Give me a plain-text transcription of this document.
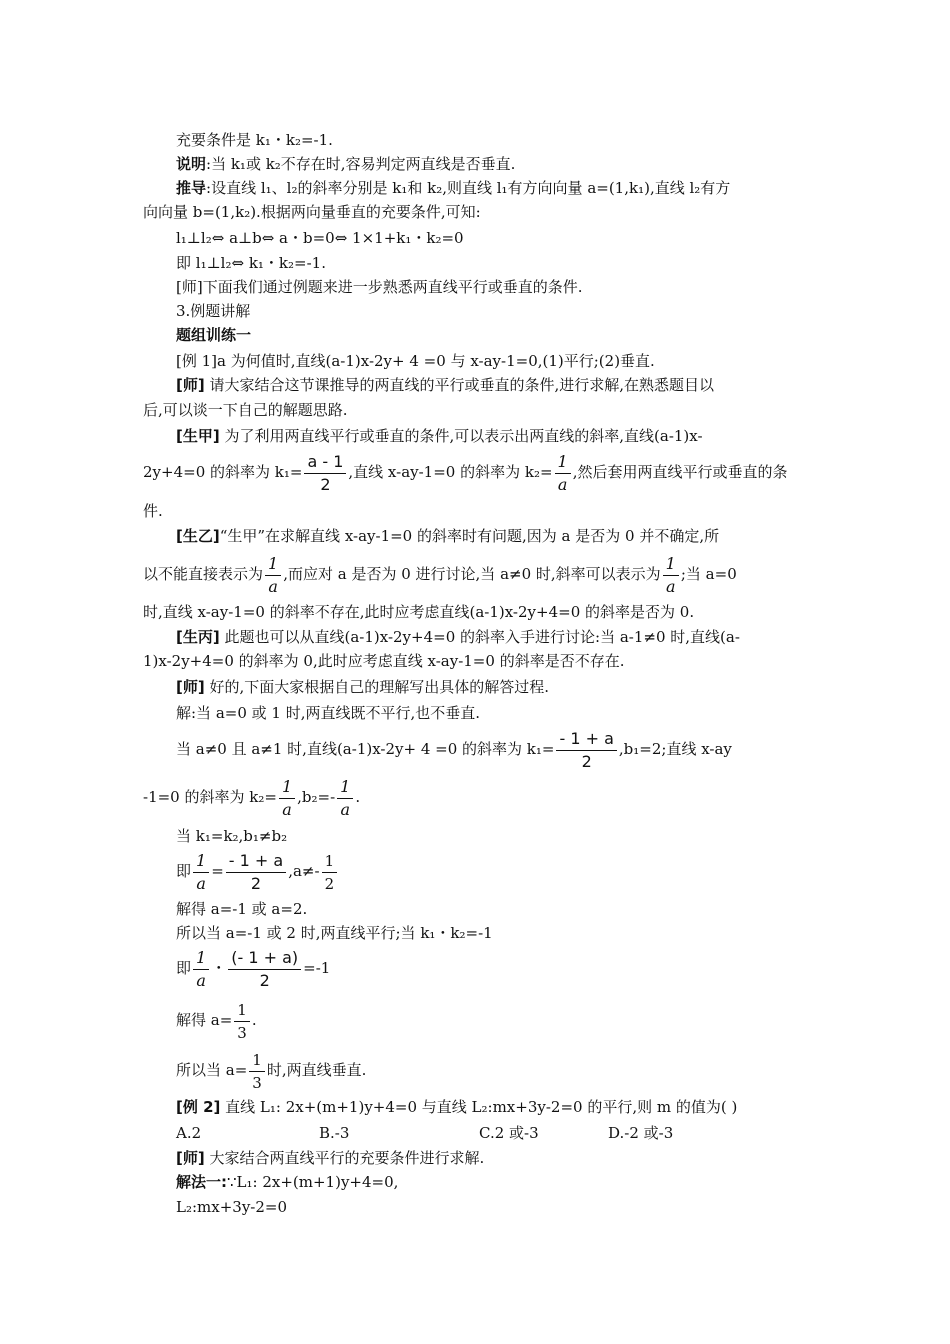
充要条件是 k₁・k₂=-1.
说明:当 k₁或 k₂不存在时,容易判定两直线是否垂直.
推导:设直线 l₁、l₂的斜率分别是 k₁和 k₂,则直线 l₁有方向向量 a=(1,k₁),直线 l₂有方
向向量 b=(1,k₂).根据两向量垂直的充要条件,可知:
l₁⊥l₂⇔ a⊥b⇔ a・b=0⇔ 1×1+k₁・k₂=0
即 l₁⊥l₂⇔ k₁・k₂=-1.
[师]下面我们通过例题来进一步熟悉两直线平行或垂直的条件.
3.例题讲解
题组训练一
[例 1]a 为何值时,直线(a-1)x-2y+ 4 =0 与 x-ay-1=0,(1)平行;(2)垂直.
[师] 请大家结合这节课推导的两直线的平行或垂直的条件,进行求解,在熟悉题目以
后,可以谈一下自己的解题思路.
[生甲] 为了利用两直线平行或垂直的条件,可以表示出两直线的斜率,直线(a-1)x-
2y+4=0 的斜率为 $k_1= \frac{a - 1}{2}$ ,直线 x-ay-1=0 的斜率为 $k_2= \frac{1}{a}$ ,然后套用两直线平行或垂直的条
件.
[生乙]“生甲”在求解直线 x-ay-1=0 的斜率时有问题,因为 a 是否为 0 并不确定,所
以不能直接表示为 $\frac{1}{a}$ ,而应对 a 是否为 0 进行讨论,当 a≠0 时,斜率可以表示为 $\frac{1}{a}$ ;当 a=0
时,直线 x-ay-1=0 的斜率不存在,此时应考虑直线(a-1)x-2y+4=0 的斜率是否为 0.
[生丙] 此题也可以从直线(a-1)x-2y+4=0 的斜率入手进行讨论:当 a-1≠0 时,直线(a-
1)x-2y+4=0 的斜率为 0,此时应考虑直线 x-ay-1=0 的斜率是否不存在.
[师] 好的,下面大家根据自己的理解写出具体的解答过程.
解:当 a=0 或 1 时,两直线既不平行,也不垂直.
当 a≠0 且 a≠1 时,直线(a-1)x-2y+ 4 =0 的斜率为 $k_1= \frac{- 1 + a}{2} ,b_1=2$;直线 x-ay
-1=0 的斜率为 $k_2= \frac{1}{a} ,b_2=- \frac{1}{a}$ .
当 k₁=k₂,b₁≠b₂
即 $\frac{1}{a} = \frac{- 1 + a}{2} ,a\ne- \frac{1}{2}$
解得 a=-1 或 a=2.
所以当 a=-1 或 2 时,两直线平行;当 k₁・k₂=-1
即 $\frac{1}{a}$ ・ $\frac{(- 1 + a)}{2} =-1$
解得 $a= \frac{1}{3}$ .
所以当 $a= \frac{1}{3}$ 时,两直线垂直.
[例 2] 直线 L₁: 2x+(m+1)y+4=0 与直线 L₂:mx+3y-2=0 的平行,则 m 的值为( )
A.2	B.-3	C.2 或-3	D.-2 或-3
[师] 大家结合两直线平行的充要条件进行求解.
解法一:∵L₁: 2x+(m+1)y+4=0,
L₂:mx+3y-2=0
